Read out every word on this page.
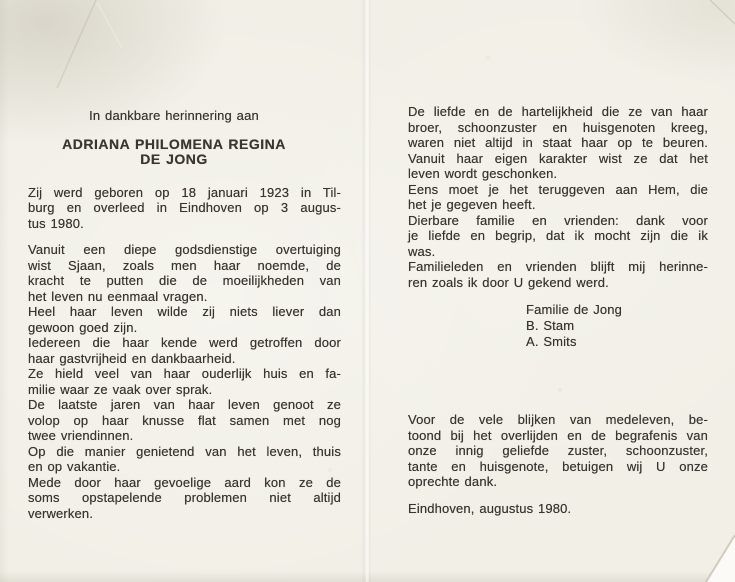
In dankbare herinnering aan
ADRIANA PHILOMENA REGINA
DE JONG
Zij werd geboren op 18 januari 1923 in Til-
burg en overleed in Eindhoven op 3 augus-
tus 1980.
Vanuit een diepe godsdienstige overtuiging
wist Sjaan, zoals men haar noemde, de
kracht te putten die de moeilijkheden van
het leven nu eenmaal vragen.
Heel haar leven wilde zij niets liever dan
gewoon goed zijn.
Iedereen die haar kende werd getroffen door
haar gastvrijheid en dankbaarheid.
Ze hield veel van haar ouderlijk huis en fa-
milie waar ze vaak over sprak.
De laatste jaren van haar leven genoot ze
volop op haar knusse flat samen met nog
twee vriendinnen.
Op die manier genietend van het leven, thuis
en op vakantie.
Mede door haar gevoelige aard kon ze de
soms opstapelende problemen niet altijd
verwerken.
De liefde en de hartelijkheid die ze van haar
broer, schoonzuster en huisgenoten kreeg,
waren niet altijd in staat haar op te beuren.
Vanuit haar eigen karakter wist ze dat het
leven wordt geschonken.
Eens moet je het teruggeven aan Hem, die
het je gegeven heeft.
Dierbare familie en vrienden: dank voor
je liefde en begrip, dat ik mocht zijn die ik
was.
Familieleden en vrienden blijft mij herinne-
ren zoals ik door U gekend werd.
Familie de Jong
B. Stam
A. Smits
Voor de vele blijken van medeleven, be-
toond bij het overlijden en de begrafenis van
onze innig geliefde zuster, schoonzuster,
tante en huisgenote, betuigen wij U onze
oprechte dank.
Eindhoven, augustus 1980.
